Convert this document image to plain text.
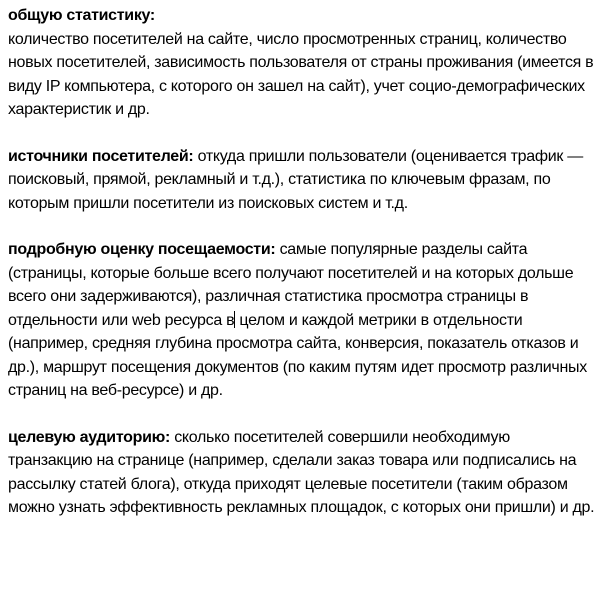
общую статистику:
количество посетителей на сайте, число просмотренных страниц, количество новых посетителей, зависимость пользователя от страны проживания (имеется в виду IP компьютера, с которого он зашел на сайт), учет социо-демографических характеристик и др.

источники посетителей: откуда пришли пользователи (оценивается трафик — поисковый, прямой, рекламный и т.д.), статистика по ключевым фразам, по которым пришли посетители из поисковых систем и т.д.

подробную оценку посещаемости: самые популярные разделы сайта (страницы, которые больше всего получают посетителей и на которых дольше всего они задерживаются), различная статистика просмотра страницы в отдельности или web ресурса в целом и каждой метрики в отдельности (например, средняя глубина просмотра сайта, конверсия, показатель отказов и др.), маршрут посещения документов (по каким путям идет просмотр различных страниц на веб-ресурсе) и др.

целевую аудиторию: сколько посетителей совершили необходимую транзакцию на странице (например, сделали заказ товара или подписались на рассылку статей блога), откуда приходят целевые посетители (таким образом можно узнать эффективность рекламных площадок, с которых они пришли) и др.
